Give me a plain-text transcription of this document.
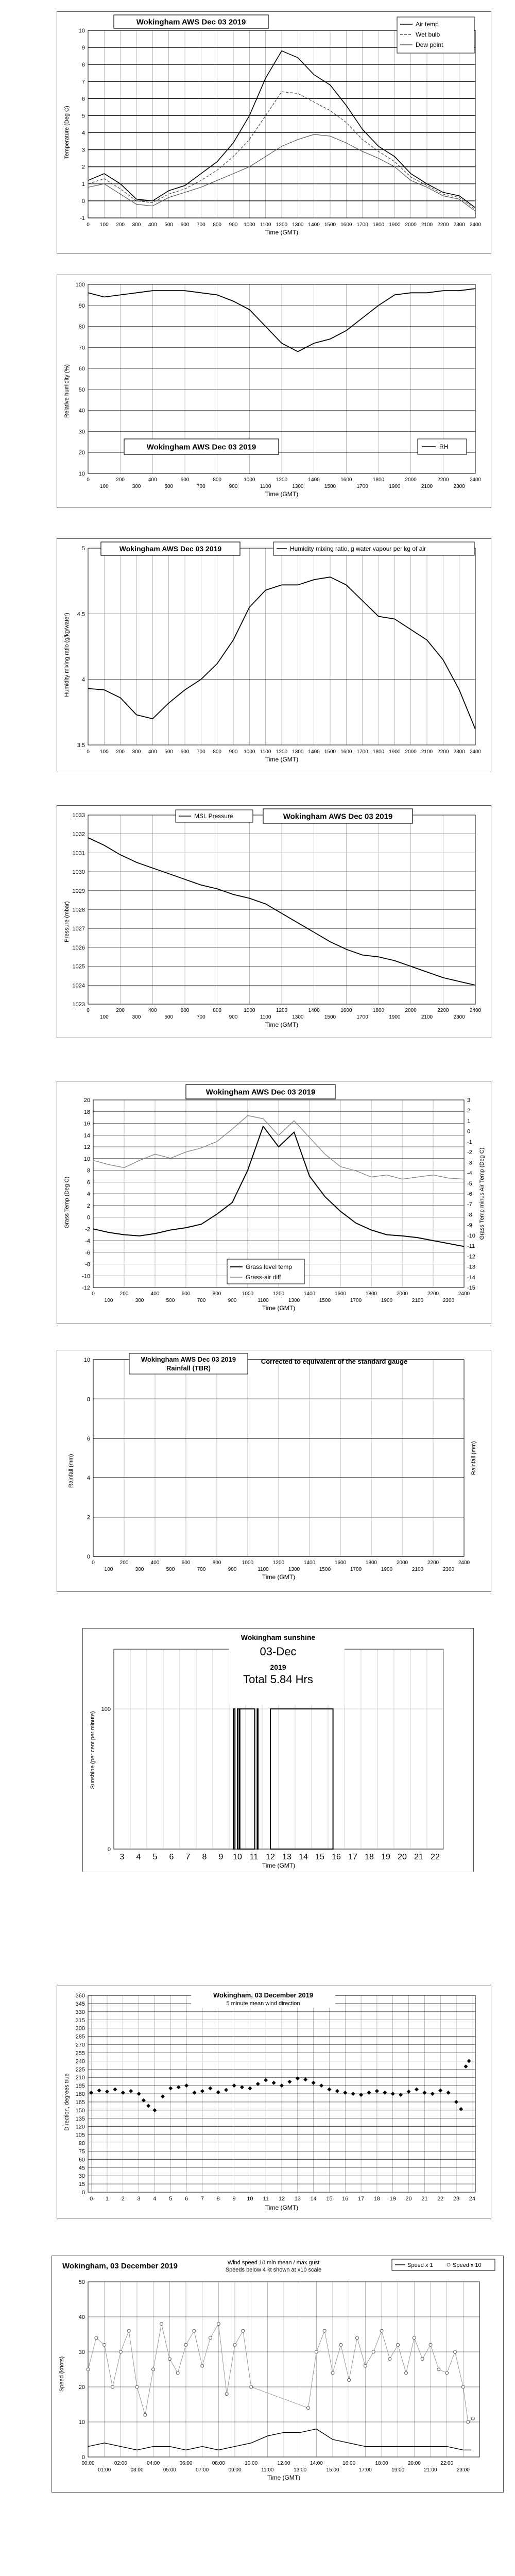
-1
0
1
2
3
4
5
6
7
8
9
10
0 100 200 300 400 500 600 700 800 900 1000 1100 1200 1300 1400 1500 1600 1700 1800 1900 2000 2100 2200 2300 2400
Time (GMT)
Temperature (Deg C)
Wokingham AWS Dec 03 2019	Air temp
Wet bulb
Dew point
10
20
30
40
50
60
70
80
90
100
0	200	400	600	800	1000	1200	1400	1600	1800	2000	2200	2400
100	300	500	700	900	1100	1300	1500	1700	1900	2100	2300
Time (GMT)
Relative humidity (%)
Wokingham AWS Dec 03 2019	RH
3.5
4
4.5
5
0 100 200 300 400 500 600 700 800 900 1000 1100 1200 1300 1400 1500 1600 1700 1800 1900 2000 2100 2200 2300 2400
Time (GMT)
Humidity mixing ratio (g/kg/water)
Wokingham AWS Dec 03 2019	Humidity mixing ratio, g water vapour per kg of air
1023
1024
1025
1026
1027
1028
1029
1030
1031
1032
1033
0	200	400	600	800	1000	1200	1400	1600	1800	2000	2200	2400
100	300	500	700	900	1100	1300	1500	1700	1900	2100	2300
Time (GMT)
Pressure (mbar)
MSL Pressure	Wokingham AWS Dec 03 2019
-12
-10
-8
-6
-4
-2
0
2
4
6
8
10
12
14
16
18
20
-15
-14
-13
-12
-11
-10
-9
-8
-7
-6
-5
-4
-3
-2
-1
0
1
2
3
0	200	400	600	800	1000	1200	1400	1600	1800	2000	2200	2400
100	300	500	700	900	1100	1300	1500	1700	1900	2100	2300
Time (GMT)
Grass Temp (Deg C)	Grass Temp minus Air Temp (Deg C)
Wokingham AWS Dec 03 2019
Grass level temp
Grass-air diff
0
2
4
6
8
10
0	200	400	600	800	1000	1200	1400	1600	1800	2000	2200	2400
100	300	500	700	900	1100	1300	1500	1700	1900	2100	2300
Time (GMT)
Rainfall (mm)	Rainfall (mm)
Wokingham AWS Dec 03 2019
Rainfall (TBR)
Corrected to equivalent of the standard gauge
0
100
3 4 5 6 7 8 9 10 11 12 13 14 15 16 17 18 19 20 21 22
Time (GMT)
Sunshine (per cent per minute)
Wokingham sunshine
03-Dec
2019
Total 5.84 Hrs
0
15
30
45
60
75
90
105
120
135
150
165
180
195
210
225
240
255
270
285
300
315
330
345
360
0 1 2 3 4 5 6 7 8 9 10 11 12 13 14 15 16 17 18 19 20 21 22 23 24
Time (GMT)
Direction, degrees true
Wokingham, 03 December 2019
5 minute mean wind direction
0
10
20
30
40
50
00:00	02:00	04:00	06:00	08:00	10:00	12:00	14:00	16:00	18:00	20:00	22:00
01:00	03:00	05:00	07:00	09:00	11:00	13:00	15:00	17:00	19:00	21:00	23:00
Time (GMT)
Speed (knots)
Wokingham, 03 December 2019	Wind speed 10 min mean / max gust
Speeds below 4 kt shown at x10 scale
Speed x 1	Speed x 10
